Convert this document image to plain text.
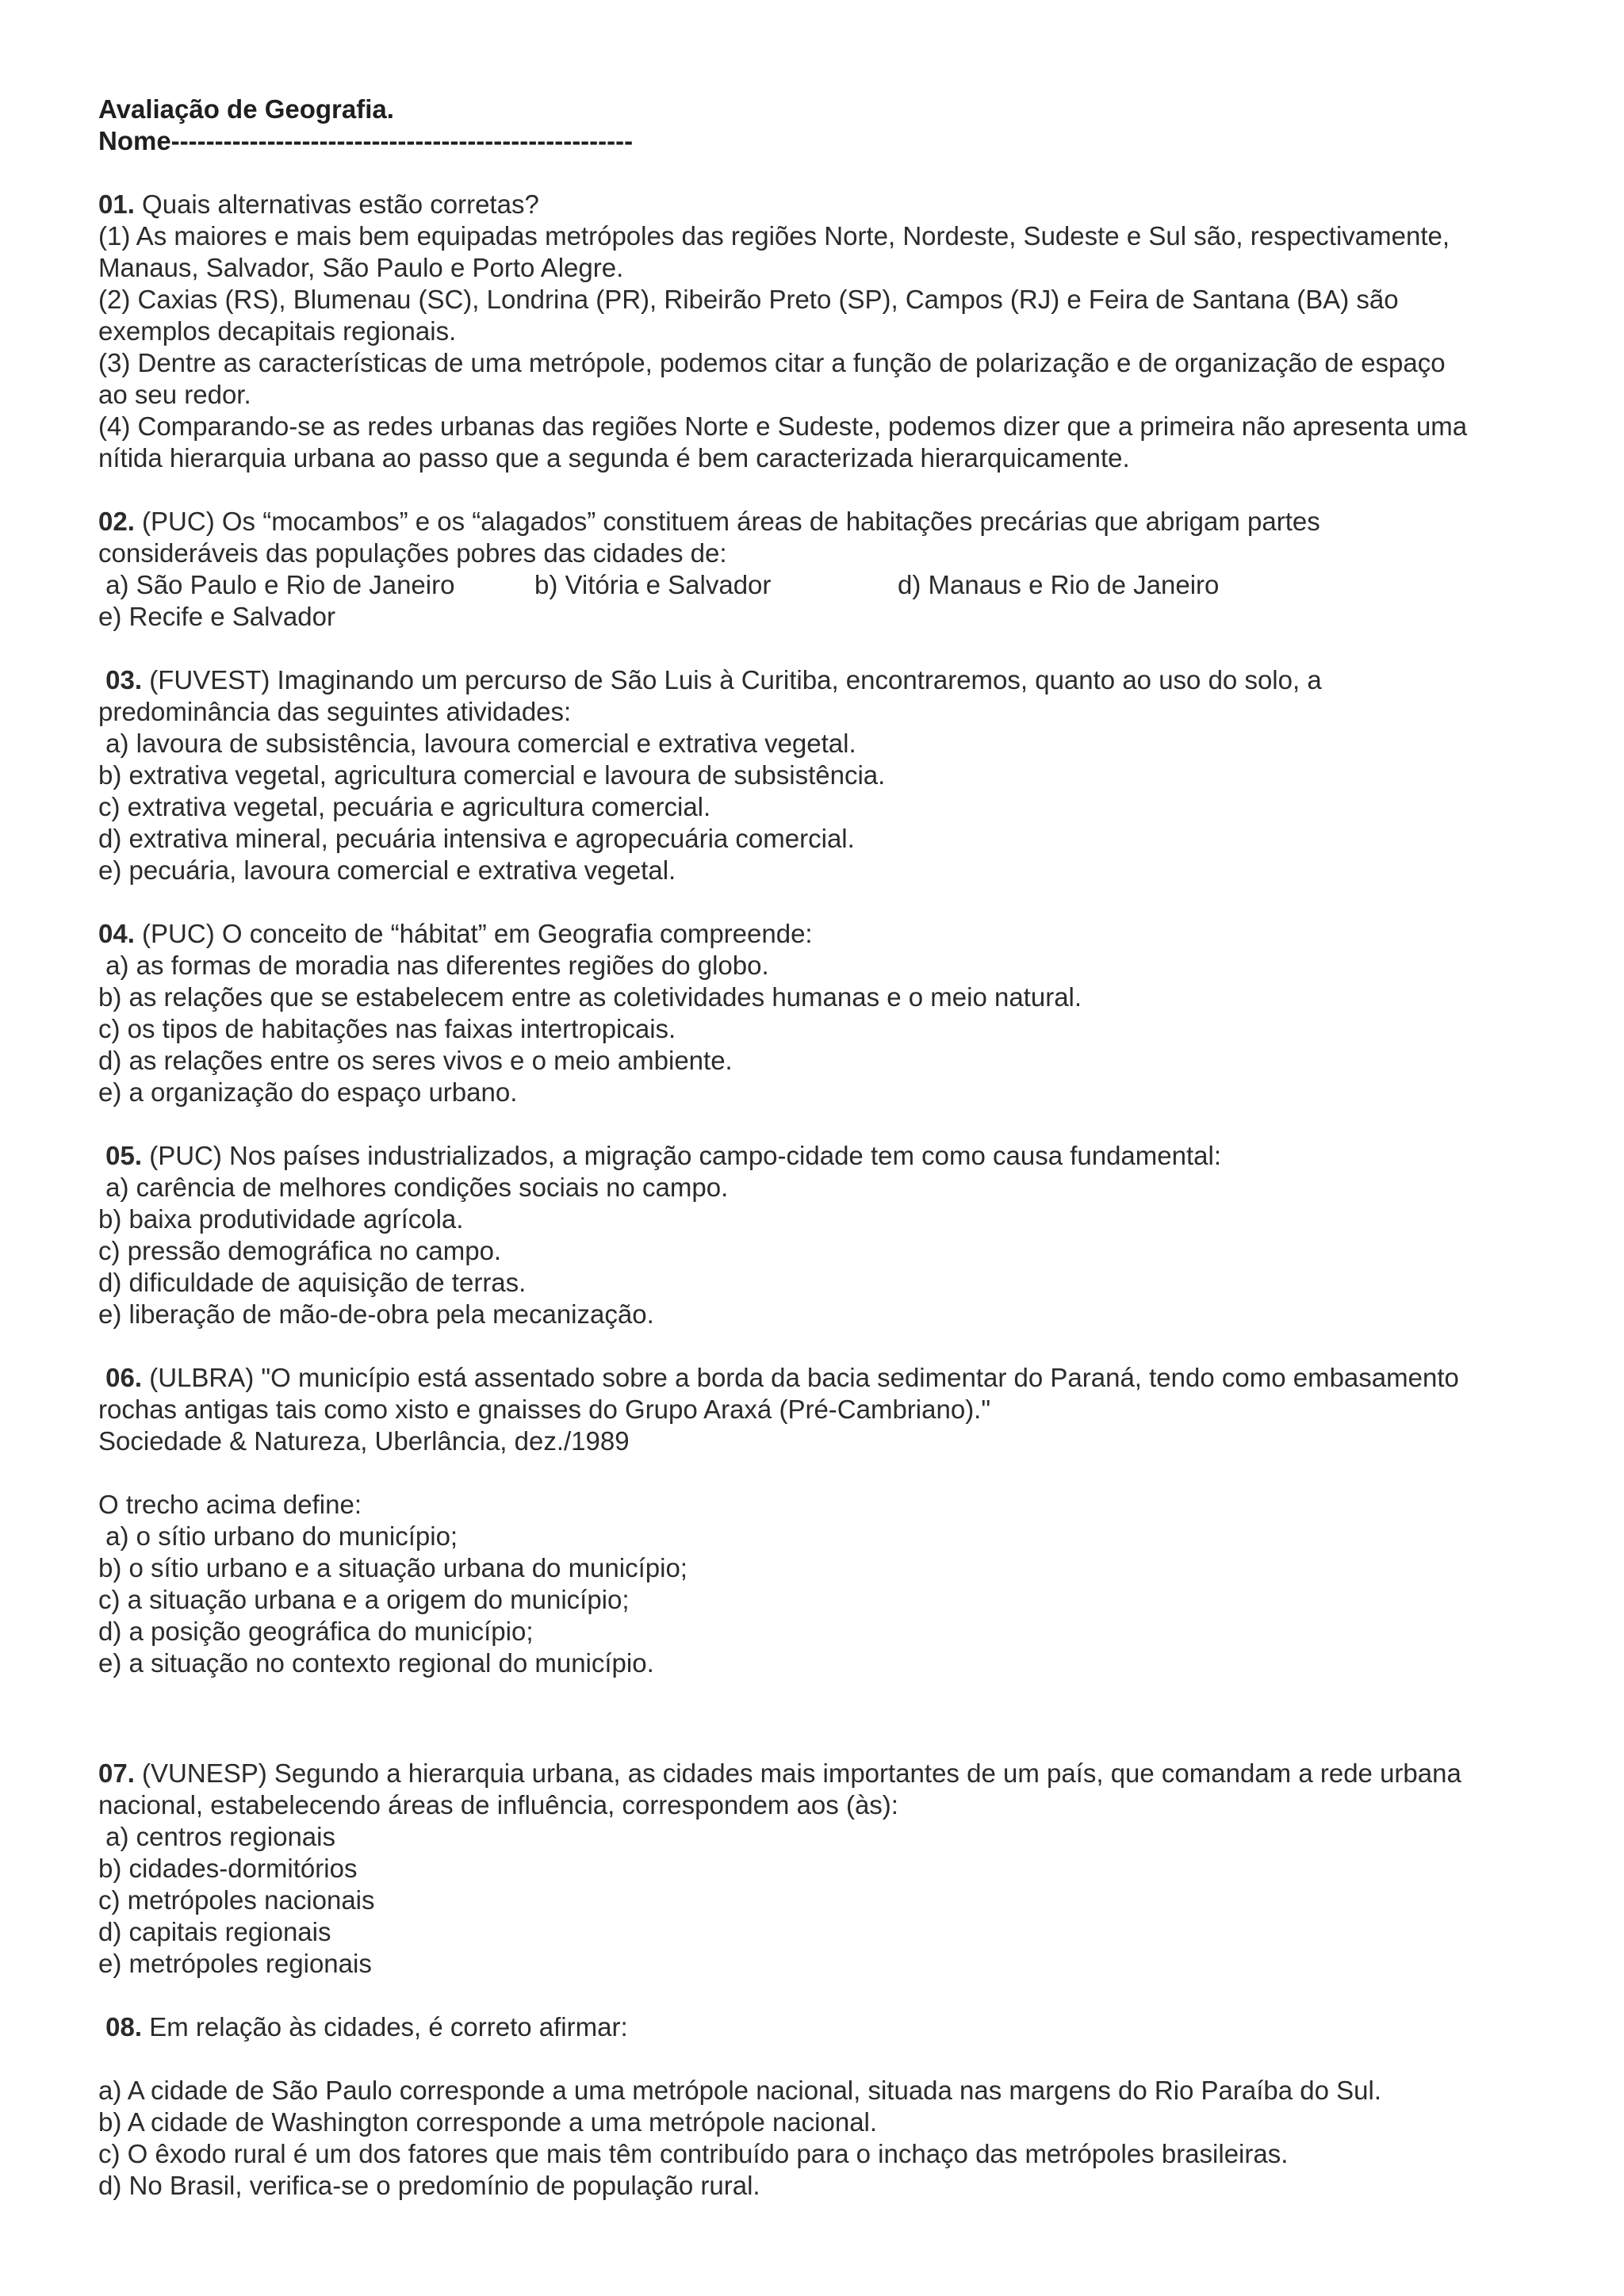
Avaliação de Geografia.
Nome-----------------------------------------------------
01. Quais alternativas estão corretas?
(1) As maiores e mais bem equipadas metrópoles das regiões Norte, Nordeste, Sudeste e Sul são, respectivamente,
Manaus, Salvador, São Paulo e Porto Alegre.
(2) Caxias (RS), Blumenau (SC), Londrina (PR), Ribeirão Preto (SP), Campos (RJ) e Feira de Santana (BA) são
exemplos decapitais regionais.
(3) Dentre as características de uma metrópole, podemos citar a função de polarização e de organização de espaço
ao seu redor.
(4) Comparando-se as redes urbanas das regiões Norte e Sudeste, podemos dizer que a primeira não apresenta uma
nítida hierarquia urbana ao passo que a segunda é bem caracterizada hierarquicamente.
02. (PUC) Os “mocambos” e os “alagados” constituem áreas de habitações precárias que abrigam partes
consideráveis das populações pobres das cidades de:
a) São Paulo e Rio de Janeiro	b) Vitória e Salvador	d) Manaus e Rio de Janeiro
e) Recife e Salvador
03. (FUVEST) Imaginando um percurso de São Luis à Curitiba, encontraremos, quanto ao uso do solo, a
predominância das seguintes atividades:
a) lavoura de subsistência, lavoura comercial e extrativa vegetal.
b) extrativa vegetal, agricultura comercial e lavoura de subsistência.
c) extrativa vegetal, pecuária e agricultura comercial.
d) extrativa mineral, pecuária intensiva e agropecuária comercial.
e) pecuária, lavoura comercial e extrativa vegetal.
04. (PUC) O conceito de “hábitat” em Geografia compreende:
a) as formas de moradia nas diferentes regiões do globo.
b) as relações que se estabelecem entre as coletividades humanas e o meio natural.
c) os tipos de habitações nas faixas intertropicais.
d) as relações entre os seres vivos e o meio ambiente.
e) a organização do espaço urbano.
05. (PUC) Nos países industrializados, a migração campo-cidade tem como causa fundamental:
a) carência de melhores condições sociais no campo.
b) baixa produtividade agrícola.
c) pressão demográfica no campo.
d) dificuldade de aquisição de terras.
e) liberação de mão-de-obra pela mecanização.
06. (ULBRA) "O município está assentado sobre a borda da bacia sedimentar do Paraná, tendo como embasamento
rochas antigas tais como xisto e gnaisses do Grupo Araxá (Pré-Cambriano)."
Sociedade & Natureza, Uberlância, dez./1989
O trecho acima define:
a) o sítio urbano do município;
b) o sítio urbano e a situação urbana do município;
c) a situação urbana e a origem do município;
d) a posição geográfica do município;
e) a situação no contexto regional do município.
07. (VUNESP) Segundo a hierarquia urbana, as cidades mais importantes de um país, que comandam a rede urbana
nacional, estabelecendo áreas de influência, correspondem aos (às):
a) centros regionais
b) cidades-dormitórios
c) metrópoles nacionais
d) capitais regionais
e) metrópoles regionais
08. Em relação às cidades, é correto afirmar:
a) A cidade de São Paulo corresponde a uma metrópole nacional, situada nas margens do Rio Paraíba do Sul.
b) A cidade de Washington corresponde a uma metrópole nacional.
c) O êxodo rural é um dos fatores que mais têm contribuído para o inchaço das metrópoles brasileiras.
d) No Brasil, verifica-se o predomínio de população rural.
